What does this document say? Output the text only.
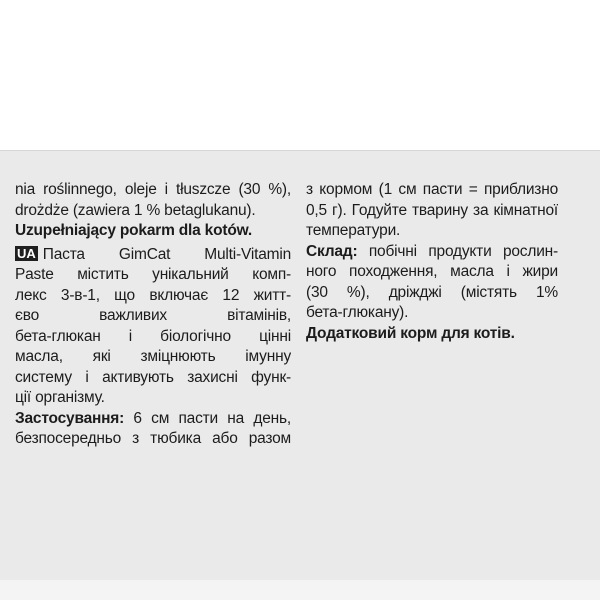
nia roślinnego, oleje i tłuszcze (30 %),
drożdże (zawiera 1 % betaglukanu).
Uzupełniający pokarm dla kotów.
UA Паста GimCat Multi-Vitamin
Paste містить унікальний комп-
лекс 3-в-1, що включає 12 житт-
єво важливих вітамінів,
бета-глюкан і біологічно цінні
масла, які зміцнюють імунну
систему і активують захисні функ-
ції організму.
Застосування: 6 см пасти на день,
безпосередньо з тюбика або разом
з кормом (1 см пасти = приблизно
0,5 г). Годуйте тварину за кімнатної
температури.
Склад: побічні продукти рослин-
ного походження, масла і жири
(30 %), дріжджі (містять 1%
бета-глюкану).
Додатковий корм для котів.
